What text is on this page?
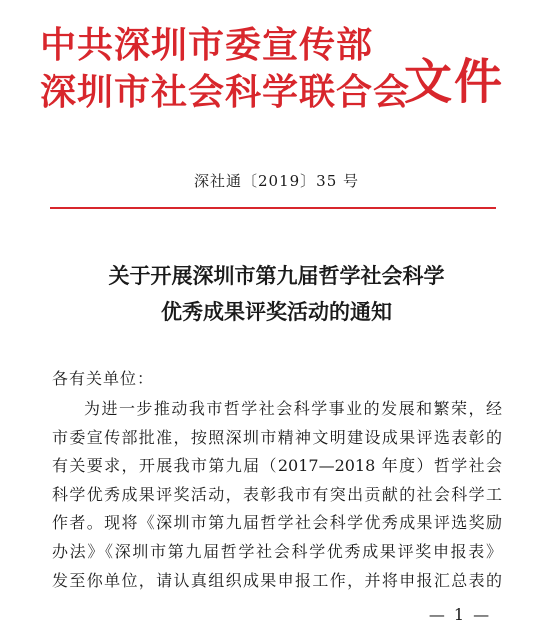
中共深圳市委宣传部
深圳市社会科学联合会
文件
深社通〔2019〕35 号
关于开展深圳市第九届哲学社会科学
优秀成果评奖活动的通知
各有关单位：
为进一步推动我市哲学社会科学事业的发展和繁荣，经
市委宣传部批准，按照深圳市精神文明建设成果评选表彰的
有关要求，开展我市第九届（2017—2018 年度）哲学社会
科学优秀成果评奖活动，表彰我市有突出贡献的社会科学工
作者。现将《深圳市第九届哲学社会科学优秀成果评选奖励
办法》《深圳市第九届哲学社会科学优秀成果评奖申报表》
发至你单位，请认真组织成果申报工作，并将申报汇总表的
— 1 —
